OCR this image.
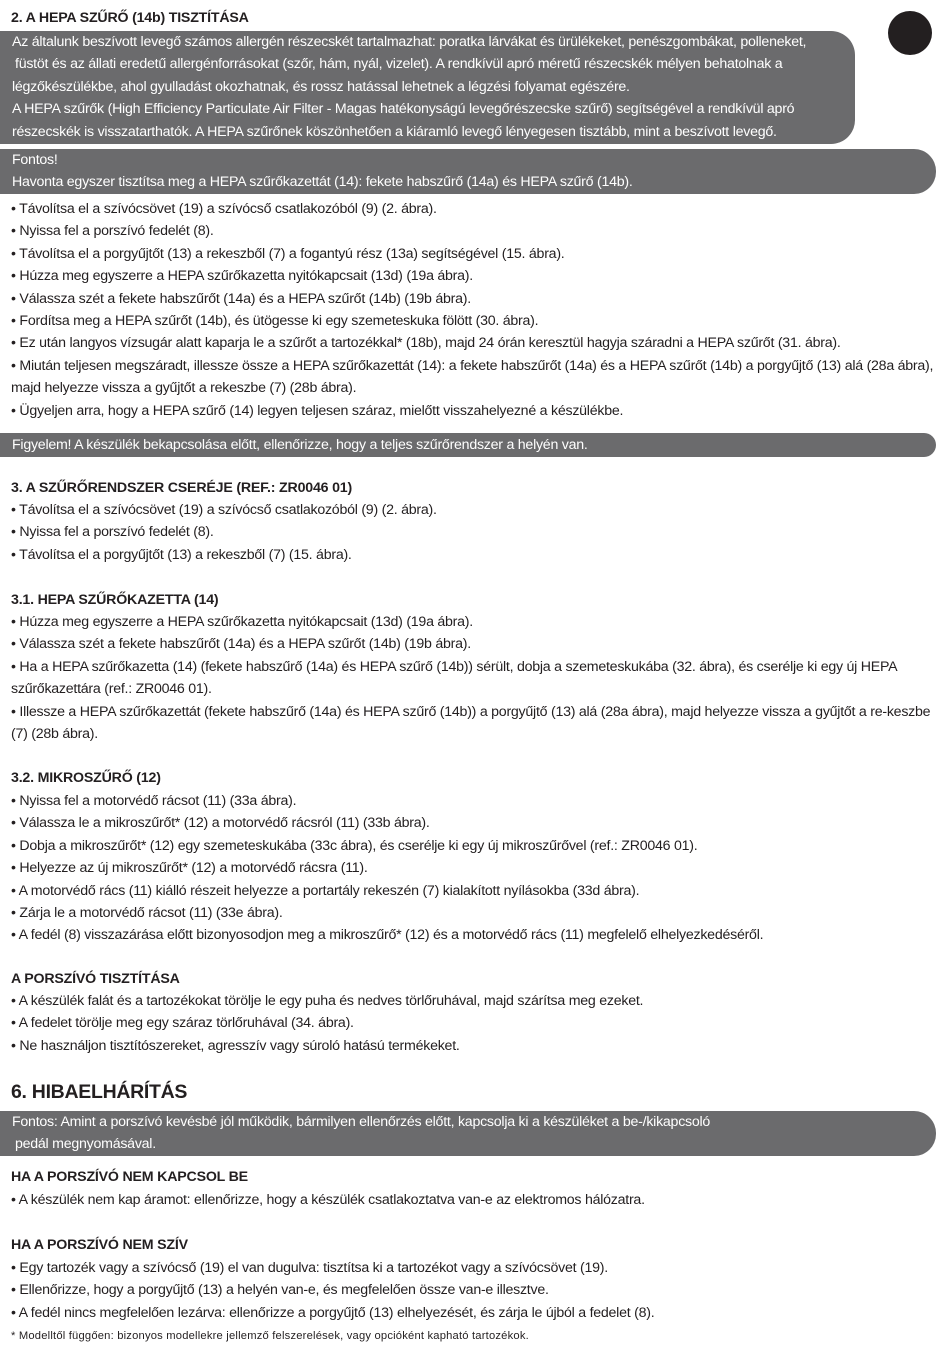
2. A HEPA SZŰRŐ (14b) TISZTÍTÁSA
Az általunk beszívott levegő számos allergén részecskét tartalmazhat: poratka lárvákat és ürülékeket, penészgombákat, polleneket,
füstöt és az állati eredetű allergénforrásokat (szőr, hám, nyál, vizelet). A rendkívül apró méretű részecskék mélyen behatolnak a
légzőkészülékbe, ahol gyulladást okozhatnak, és rossz hatással lehetnek a légzési folyamat egészére.
A HEPA szűrők (High Efficiency Particulate Air Filter - Magas hatékonyságú levegőrészecske szűrő) segítségével a rendkívül apró
részecskék is visszatarthatók. A HEPA szűrőnek köszönhetően a kiáramló levegő lényegesen tisztább, mint a beszívott levegő.
Fontos!
Havonta egyszer tisztítsa meg a HEPA szűrőkazettát (14): fekete habszűrő (14a) és HEPA szűrő (14b).
• Távolítsa el a szívócsövet (19) a szívócső csatlakozóból (9) (2. ábra).
• Nyissa fel a porszívó fedelét (8).
• Távolítsa el a porgyűjtőt (13) a rekeszből (7) a fogantyú rész (13a) segítségével (15. ábra).
• Húzza meg egyszerre a HEPA szűrőkazetta nyitókapcsait (13d) (19a ábra).
• Válassza szét a fekete habszűrőt (14a) és a HEPA szűrőt (14b) (19b ábra).
• Fordítsa meg a HEPA szűrőt (14b), és ütögesse ki egy szemeteskuka fölött (30. ábra).
• Ez után langyos vízsugár alatt kaparja le a szűrőt a tartozékkal* (18b), majd 24 órán keresztül hagyja száradni a HEPA szűrőt (31. ábra).
• Miután teljesen megszáradt, illessze össze a HEPA szűrőkazettát (14): a fekete habszűrőt (14a) és a HEPA szűrőt (14b) a porgyűjtő (13) alá (28a ábra), majd helyezze vissza a gyűjtőt a rekeszbe (7) (28b ábra).
• Ügyeljen arra, hogy a HEPA szűrő (14) legyen teljesen száraz, mielőtt visszahelyezné a készülékbe.
Figyelem! A készülék bekapcsolása előtt, ellenőrizze, hogy a teljes szűrőrendszer a helyén van.
3. A SZŰRŐRENDSZER CSERÉJE (REF.: ZR0046 01)
• Távolítsa el a szívócsövet (19) a szívócső csatlakozóból (9) (2. ábra).
• Nyissa fel a porszívó fedelét (8).
• Távolítsa el a porgyűjtőt (13) a rekeszből (7) (15. ábra).
3.1. HEPA SZŰRŐKAZETTA (14)
• Húzza meg egyszerre a HEPA szűrőkazetta nyitókapcsait (13d) (19a ábra).
• Válassza szét a fekete habszűrőt (14a) és a HEPA szűrőt (14b) (19b ábra).
• Ha a HEPA szűrőkazetta (14) (fekete habszűrő (14a) és HEPA szűrő (14b)) sérült, dobja a szemeteskukába (32. ábra), és cserélje ki egy új HEPA szűrőkazettára (ref.: ZR0046 01).
• Illessze a HEPA szűrőkazettát (fekete habszűrő (14a) és HEPA szűrő (14b)) a porgyűjtő (13) alá (28a ábra), majd helyezze vissza a gyűjtőt a re-keszbe (7) (28b ábra).
3.2. MIKROSZŰRŐ (12)
• Nyissa fel a motorvédő rácsot (11) (33a ábra).
• Válassza le a mikroszűrőt* (12) a motorvédő rácsról (11) (33b ábra).
• Dobja a mikroszűrőt* (12) egy szemeteskukába (33c ábra), és cserélje ki egy új mikroszűrővel (ref.: ZR0046 01).
• Helyezze az új mikroszűrőt* (12) a motorvédő rácsra (11).
• A motorvédő rács (11) kiálló részeit helyezze a portartály rekeszén (7) kialakított nyílásokba (33d ábra).
• Zárja le a motorvédő rácsot (11) (33e ábra).
• A fedél (8) visszazárása előtt bizonyosodjon meg a mikroszűrő* (12) és a motorvédő rács (11) megfelelő elhelyezkedéséről.
A PORSZÍVÓ TISZTÍTÁSA
• A készülék falát és a tartozékokat törölje le egy puha és nedves törlőruhával, majd szárítsa meg ezeket.
• A fedelet törölje meg egy száraz törlőruhával (34. ábra).
• Ne használjon tisztítószereket, agresszív vagy súroló hatású termékeket.
6. HIBAELHÁRÍTÁS
Fontos: Amint a porszívó kevésbé jól működik, bármilyen ellenőrzés előtt, kapcsolja ki a készüléket a be-/kikapcsoló
pedál megnyomásával.
HA A PORSZÍVÓ NEM KAPCSOL BE
• A készülék nem kap áramot: ellenőrizze, hogy a készülék csatlakoztatva van-e az elektromos hálózatra.
HA A PORSZÍVÓ NEM SZÍV
• Egy tartozék vagy a szívócső (19) el van dugulva: tisztítsa ki a tartozékot vagy a szívócsövet (19).
• Ellenőrizze, hogy a porgyűjtő (13) a helyén van-e, és megfelelően össze van-e illesztve.
• A fedél nincs megfelelően lezárva: ellenőrizze a porgyűjtő (13) elhelyezését, és zárja le újból a fedelet (8).
* Modelltől függően: bizonyos modellekre jellemző felszerelések, vagy opcióként kapható tartozékok.
